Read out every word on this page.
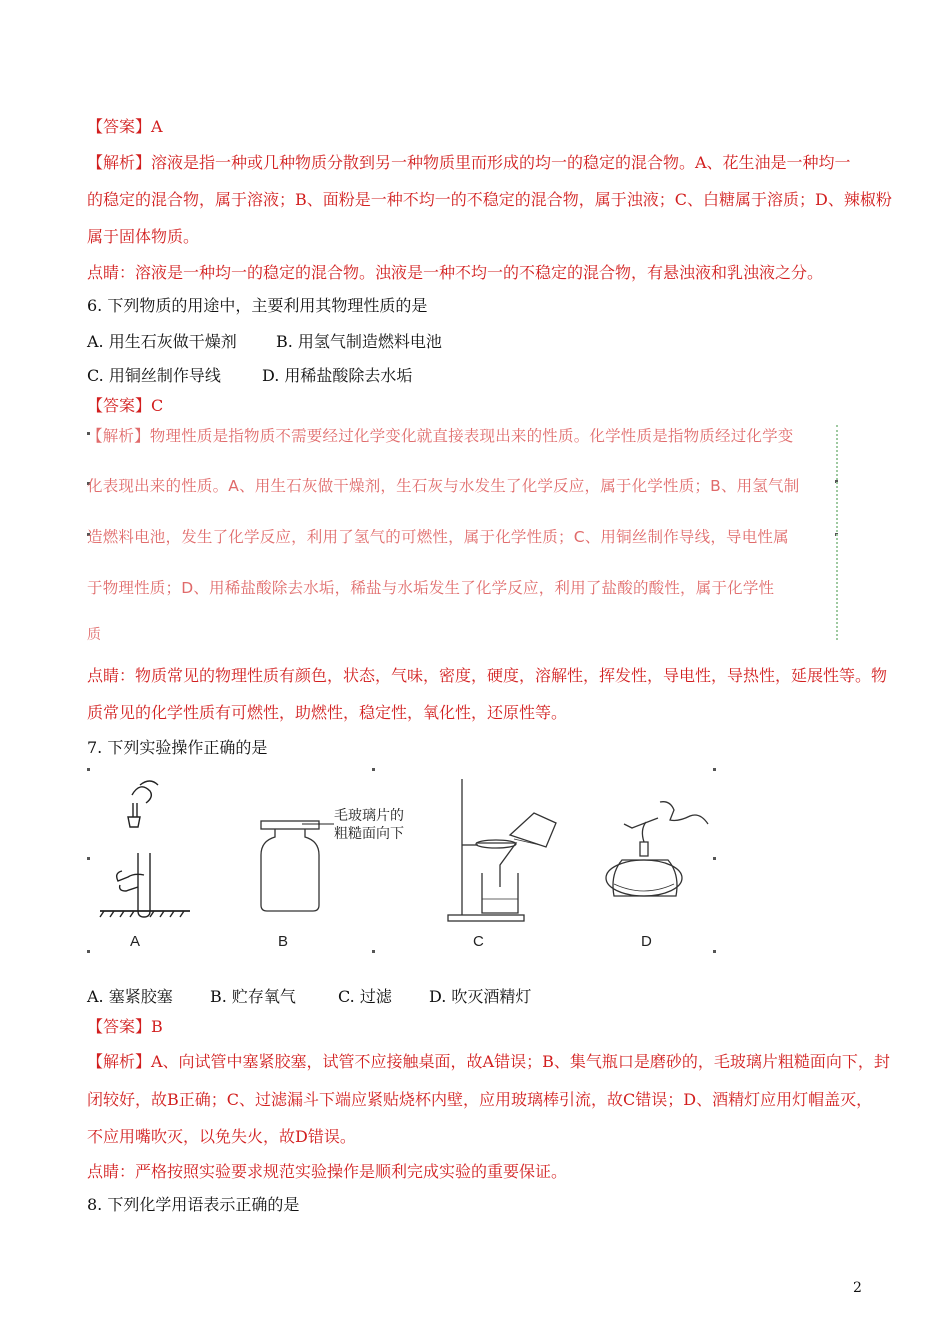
【答案】A
【解析】溶液是指一种或几种物质分散到另一种物质里而形成的均一的稳定的混合物。A、花生油是一种均一
的稳定的混合物，属于溶液；B、面粉是一种不均一的不稳定的混合物，属于浊液；C、白糖属于溶质；D、辣椒粉
属于固体物质。
点睛：溶液是一种均一的稳定的混合物。浊液是一种不均一的不稳定的混合物，有悬浊液和乳浊液之分。
6. 下列物质的用途中，主要利用其物理性质的是
A. 用生石灰做干燥剂 B. 用氢气制造燃料电池
C. 用铜丝制作导线	D. 用稀盐酸除去水垢
【答案】C
【解析】物理性质是指物质不需要经过化学变化就直接表现出来的性质。化学性质是指物质经过化学变
化表现出来的性质。A、用生石灰做干燥剂，生石灰与水发生了化学反应，属于化学性质；B、用氢气制
造燃料电池，发生了化学反应，利用了氢气的可燃性，属于化学性质；C、用铜丝制作导线，导电性属
于物理性质；D、用稀盐酸除去水垢，稀盐与水垢发生了化学反应，利用了盐酸的酸性，属于化学性
质
点睛：物质常见的物理性质有颜色，状态，气味，密度，硬度，溶解性，挥发性，导电性，导热性，延展性等。物
质常见的化学性质有可燃性，助燃性，稳定性，氧化性，还原性等。
7. 下列实验操作正确的是
A
毛玻璃片的
粗糙面向下
B	C	D
A. 塞紧胶塞 B. 贮存氧气	C. 过滤 D. 吹灭酒精灯
【答案】B
【解析】A、向试管中塞紧胶塞，试管不应接触桌面，故A错误；B、集气瓶口是磨砂的，毛玻璃片粗糙面向下，封
闭较好，故B正确；C、过滤漏斗下端应紧贴烧杯内壁，应用玻璃棒引流，故C错误；D、酒精灯应用灯帽盖灭，
不应用嘴吹灭，以免失火，故D错误。
点睛：严格按照实验要求规范实验操作是顺利完成实验的重要保证。
8. 下列化学用语表示正确的是
2
